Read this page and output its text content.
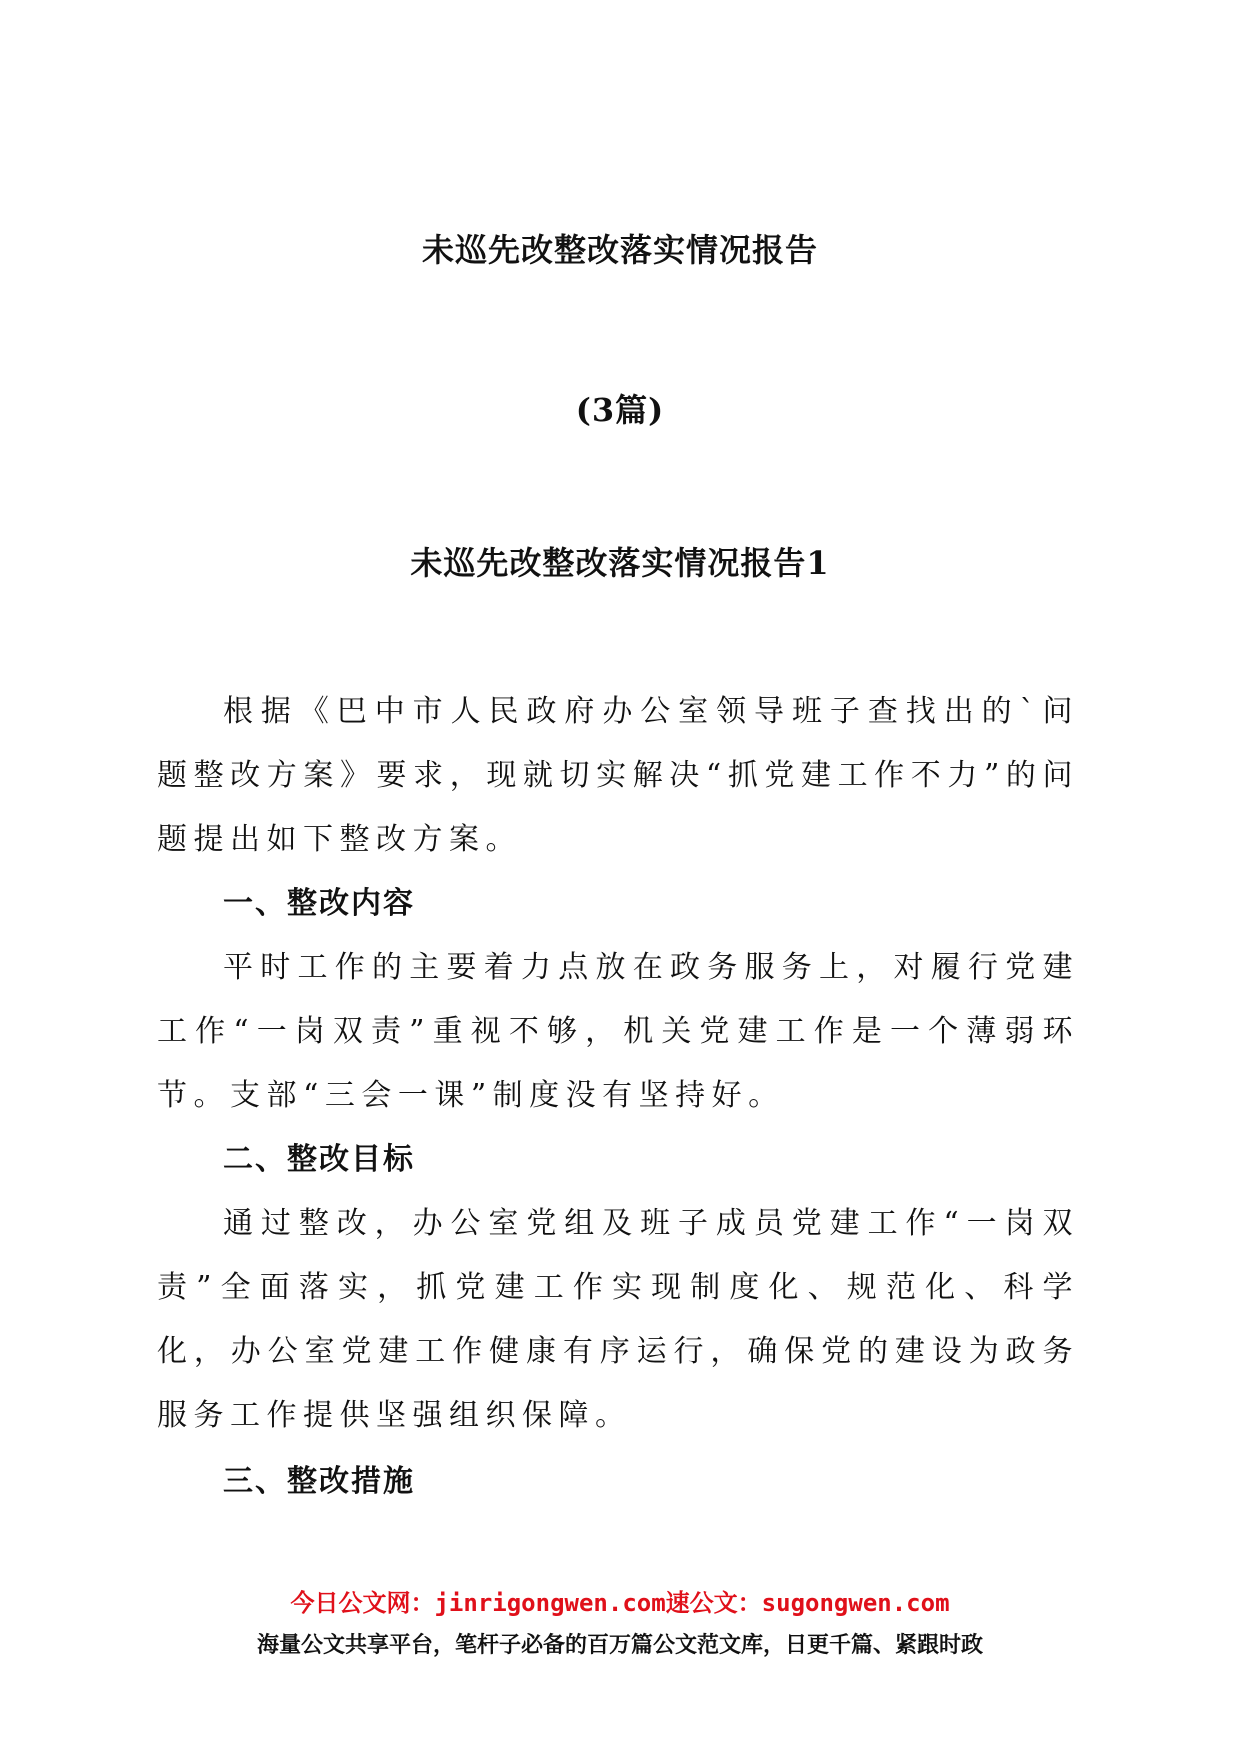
未巡先改整改落实情况报告
(3篇)
未巡先改整改落实情况报告1

根据《巴中市人民政府办公室领导班子查找出的`问题整改方案》要求，现就切实解决“抓党建工作不力”的问题提出如下整改方案。

一、整改内容

平时工作的主要着力点放在政务服务上，对履行党建工作“一岗双责”重视不够，机关党建工作是一个薄弱环节。支部“三会一课”制度没有坚持好。

二、整改目标

通过整改，办公室党组及班子成员党建工作“一岗双责”全面落实，抓党建工作实现制度化、规范化、科学化，办公室党建工作健康有序运行，确保党的建设为政务服务工作提供坚强组织保障。

三、整改措施

今日公文网：jinrigongwen.com速公文：sugongwen.com
海量公文共享平台，笔杆子必备的百万篇公文范文库，日更千篇、紧跟时政
